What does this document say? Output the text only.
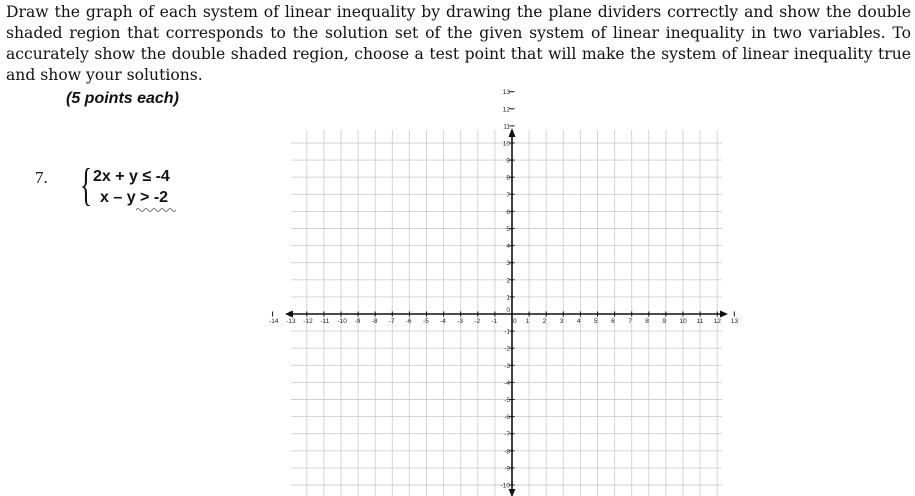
Draw the graph of each system of linear inequality by drawing the plane dividers correctly and show the double shaded region that corresponds to the solution set of the given system of linear inequality in two variables. To accurately show the double shaded region, choose a test point that will make the system of linear inequality true and show your solutions.

(5 points each)
7. { 2x + y ≤ -4
x – y > -2
-14 -13 -12 -11 -10 -9 -8 -7 -6 -5 -4 -3 -2 -1 0 1 2 3 4 5 6 7 8 9 10 11 12 13
13
12
11
10
9
8
7
6
5
4
3
2
1
0
-1
-2
-3
-4
-5
-6
-7
-8
-9
-10
